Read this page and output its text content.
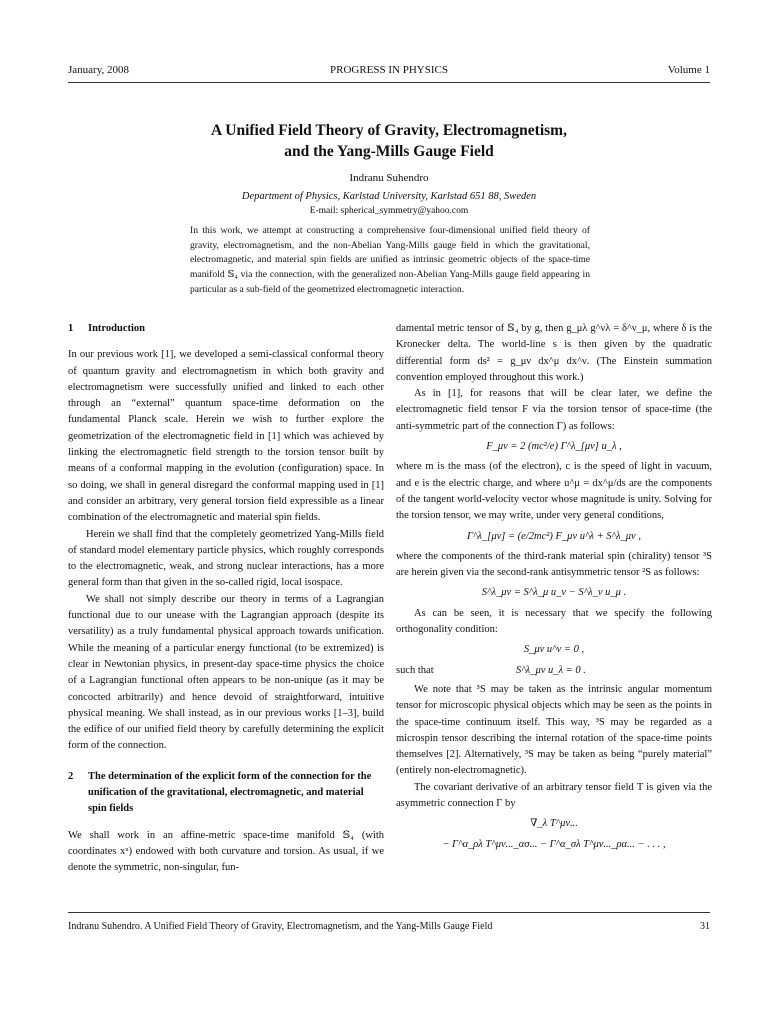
January, 2008	PROGRESS IN PHYSICS	Volume 1
A Unified Field Theory of Gravity, Electromagnetism,
and the Yang-Mills Gauge Field
Indranu Suhendro
Department of Physics, Karlstad University, Karlstad 651 88, Sweden
E-mail: spherical_symmetry@yahoo.com
In this work, we attempt at constructing a comprehensive four-dimensional unified field theory of gravity, electromagnetism, and the non-Abelian Yang-Mills gauge field in which the gravitational, electromagnetic, and material spin fields are unified as intrinsic geometric objects of the space-time manifold 𝕊₄ via the connection, with the generalized non-Abelian Yang-Mills gauge field appearing in particular as a sub-field of the geometrized electromagnetic interaction.
1	Introduction

In our previous work [1], we developed a semi-classical conformal theory of quantum gravity and electromagnetism in which both gravity and electromagnetism were successfully unified and linked to each other through an “external” quantum space-time deformation on the fundamental Planck scale. Herein we wish to further explore the geometrization of the electromagnetic field in [1] which was achieved by linking the electromagnetic field strength to the torsion tensor built by means of a conformal mapping in the evolution (configuration) space. In so doing, we shall in general disregard the conformal mapping used in [1] and consider an arbitrary, very general torsion field expressible as a linear combination of the electromagnetic and material spin fields.

Herein we shall find that the completely geometrized Yang-Mills field of standard model elementary particle physics, which roughly corresponds to the electromagnetic, weak, and strong nuclear interactions, has a more general form than that given in the so-called rigid, local isospace.

We shall not simply describe our theory in terms of a Lagrangian functional due to our unease with the Lagrangian approach (despite its versatility) as a truly fundamental physical approach towards unification. While the meaning of a particular energy functional (to be extremized) is clear in Newtonian physics, in present-day space-time physics the choice of a Lagrangian functional often appears to be non-unique (as it may be concocted arbitrarily) and hence devoid of straightforward, intuitive physical meaning. We shall instead, as in our previous works [1–3], build the edifice of our unified field theory by carefully determining the explicit form of the connection.

2	The determination of the explicit form of the connection for the unification of the gravitational, electromagnetic, and material spin fields

We shall work in an affine-metric space-time manifold 𝕊₄ (with coordinates xᵘ) endowed with both curvature and torsion. As usual, if we denote the symmetric, non-singular, fun-

damental metric tensor of 𝕊₄ by g, then g_μλ g^νλ = δ^ν_μ, where δ is the Kronecker delta. The world-line s is then given by the quadratic differential form ds² = g_μν dx^μ dx^ν. (The Einstein summation convention employed throughout this work.)

As in [1], for reasons that will be clear later, we define the electromagnetic field tensor F via the torsion tensor of space-time (the anti-symmetric part of the connection Γ) as follows:

F_μν = 2 (mc²/e) Γ^λ_[μν] u_λ ,

where m is the mass (of the electron), c is the speed of light in vacuum, and e is the electric charge, and where u^μ = dx^μ/ds are the components of the tangent world-velocity vector whose magnitude is unity. Solving for the torsion tensor, we may write, under very general conditions,

Γ^λ_[μν] = (e/2mc²) F_μν u^λ + S^λ_μν ,

where the components of the third-rank material spin (chirality) tensor ³S are herein given via the second-rank antisymmetric tensor ²S as follows:

S^λ_μν = S^λ_μ u_ν − S^λ_ν u_μ .

As can be seen, it is necessary that we specify the following orthogonality condition:

S_μν u^ν = 0 ,
such that	S^λ_μν u_λ = 0 .

We note that ³S may be taken as the intrinsic angular momentum tensor for microscopic physical objects which may be seen as the points in the space-time continuum itself. This way, ³S may be regarded as a microspin tensor describing the internal rotation of the space-time points themselves [2]. Alternatively, ³S may be taken as being “purely material” (entirely non-electromagnetic).

The covariant derivative of an arbitrary tensor field T is given via the asymmetric connection Γ by

∇_λ T^μν...
− Γ^α_ρλ T^μν..._ασ... − Γ^α_σλ T^μν..._ρα... − . . . ,
Indranu Suhendro. A Unified Field Theory of Gravity, Electromagnetism, and the Yang-Mills Gauge Field	31
